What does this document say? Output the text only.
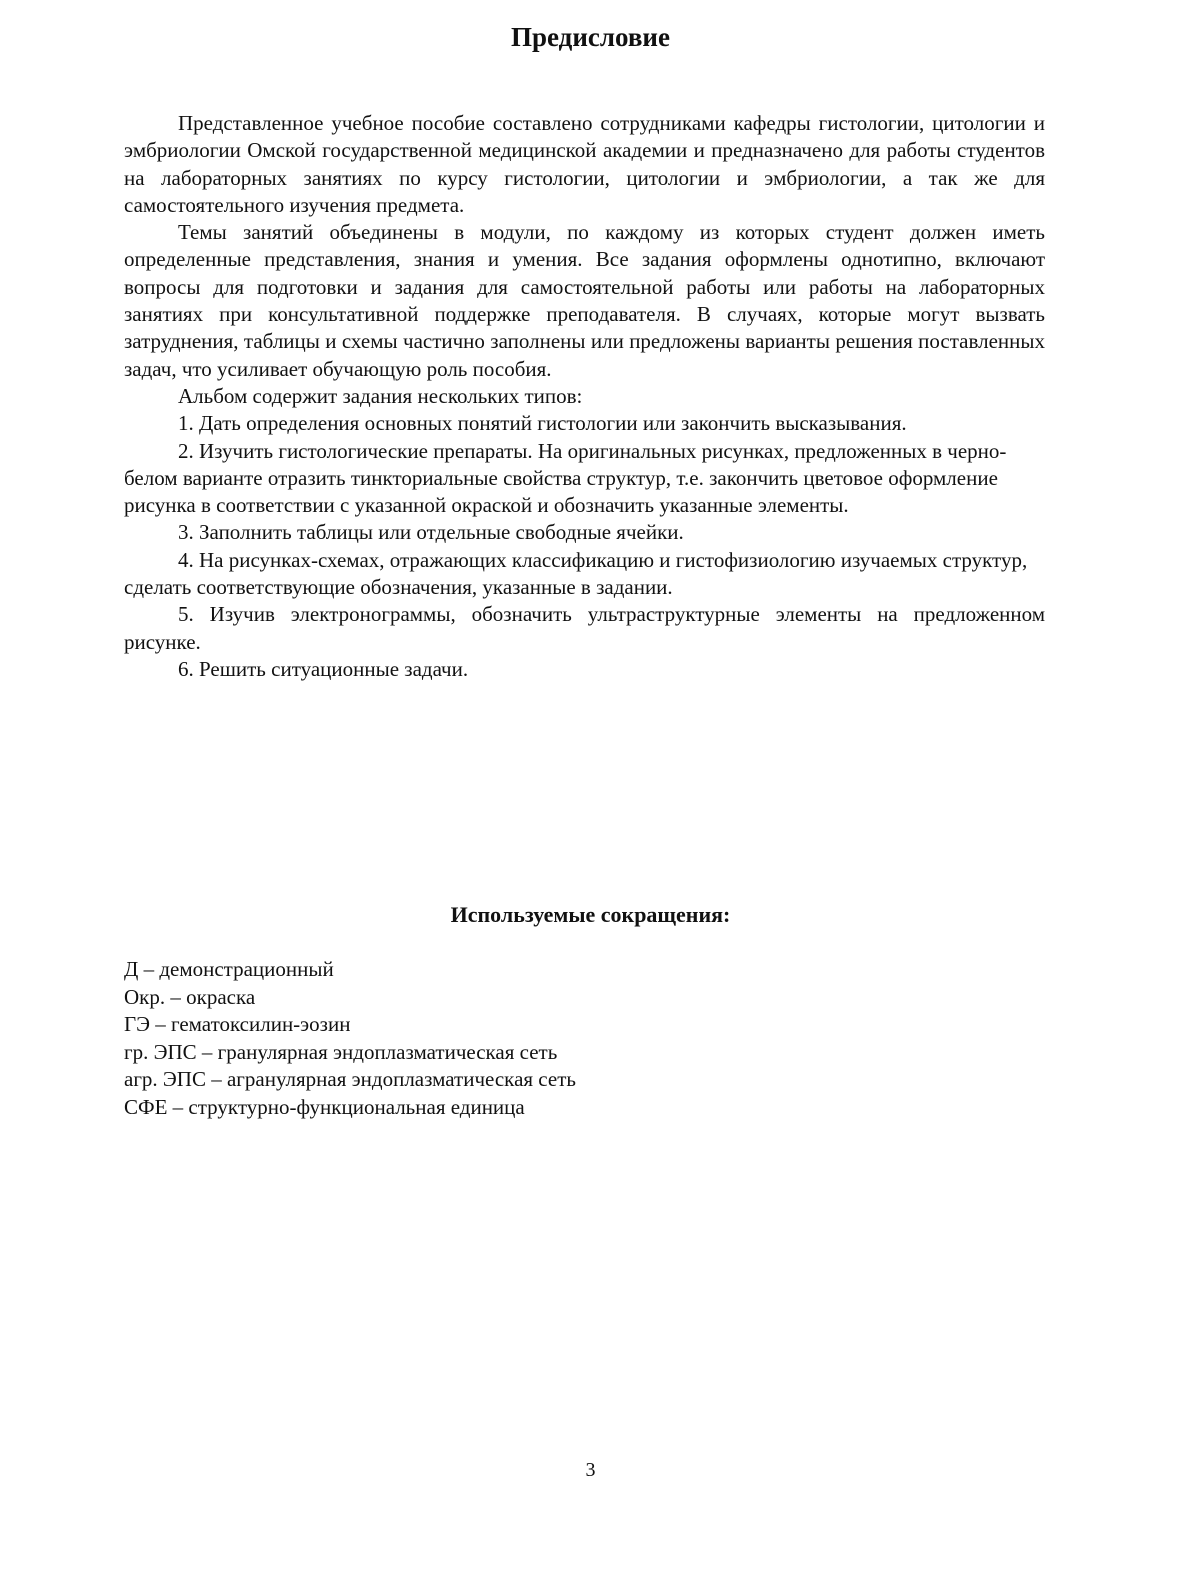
Предисловие

Представленное учебное пособие составлено сотрудниками кафедры гистологии, цитологии и эмбриологии Омской государственной медицинской академии и предназначено для работы студентов на лабораторных занятиях по курсу гистологии, цитологии и эмбриологии, а так же для самостоятельного изучения предмета.

Темы занятий объединены в модули, по каждому из которых студент должен иметь определенные представления, знания и умения. Все задания оформлены однотипно, включают вопросы для подготовки и задания для самостоятельной работы или работы на лабораторных занятиях при консультативной поддержке преподавателя. В случаях, которые могут вызвать затруднения, таблицы и схемы частично заполнены или предложены варианты решения поставленных задач, что усиливает обучающую роль пособия.

Альбом содержит задания нескольких типов:

1. Дать определения основных понятий гистологии или закончить высказывания.

2. Изучить гистологические препараты. На оригинальных рисунках, предложенных в черно-белом варианте отразить тинкториальные свойства структур, т.е. закончить цветовое оформление рисунка в соответствии с указанной окраской и обозначить указанные элементы.

3. Заполнить таблицы или отдельные свободные ячейки.

4. На рисунках-схемах, отражающих классификацию и гистофизиологию изучаемых структур, сделать соответствующие обозначения, указанные в задании.

5. Изучив электронограммы, обозначить ультраструктурные элементы на предложенном рисунке.

6. Решить ситуационные задачи.

Используемые сокращения:
Д – демонстрационный
Окр. – окраска
ГЭ – гематоксилин-эозин
гр. ЭПС – гранулярная эндоплазматическая сеть
агр. ЭПС – агранулярная эндоплазматическая сеть
СФЕ – структурно-функциональная единица
3
